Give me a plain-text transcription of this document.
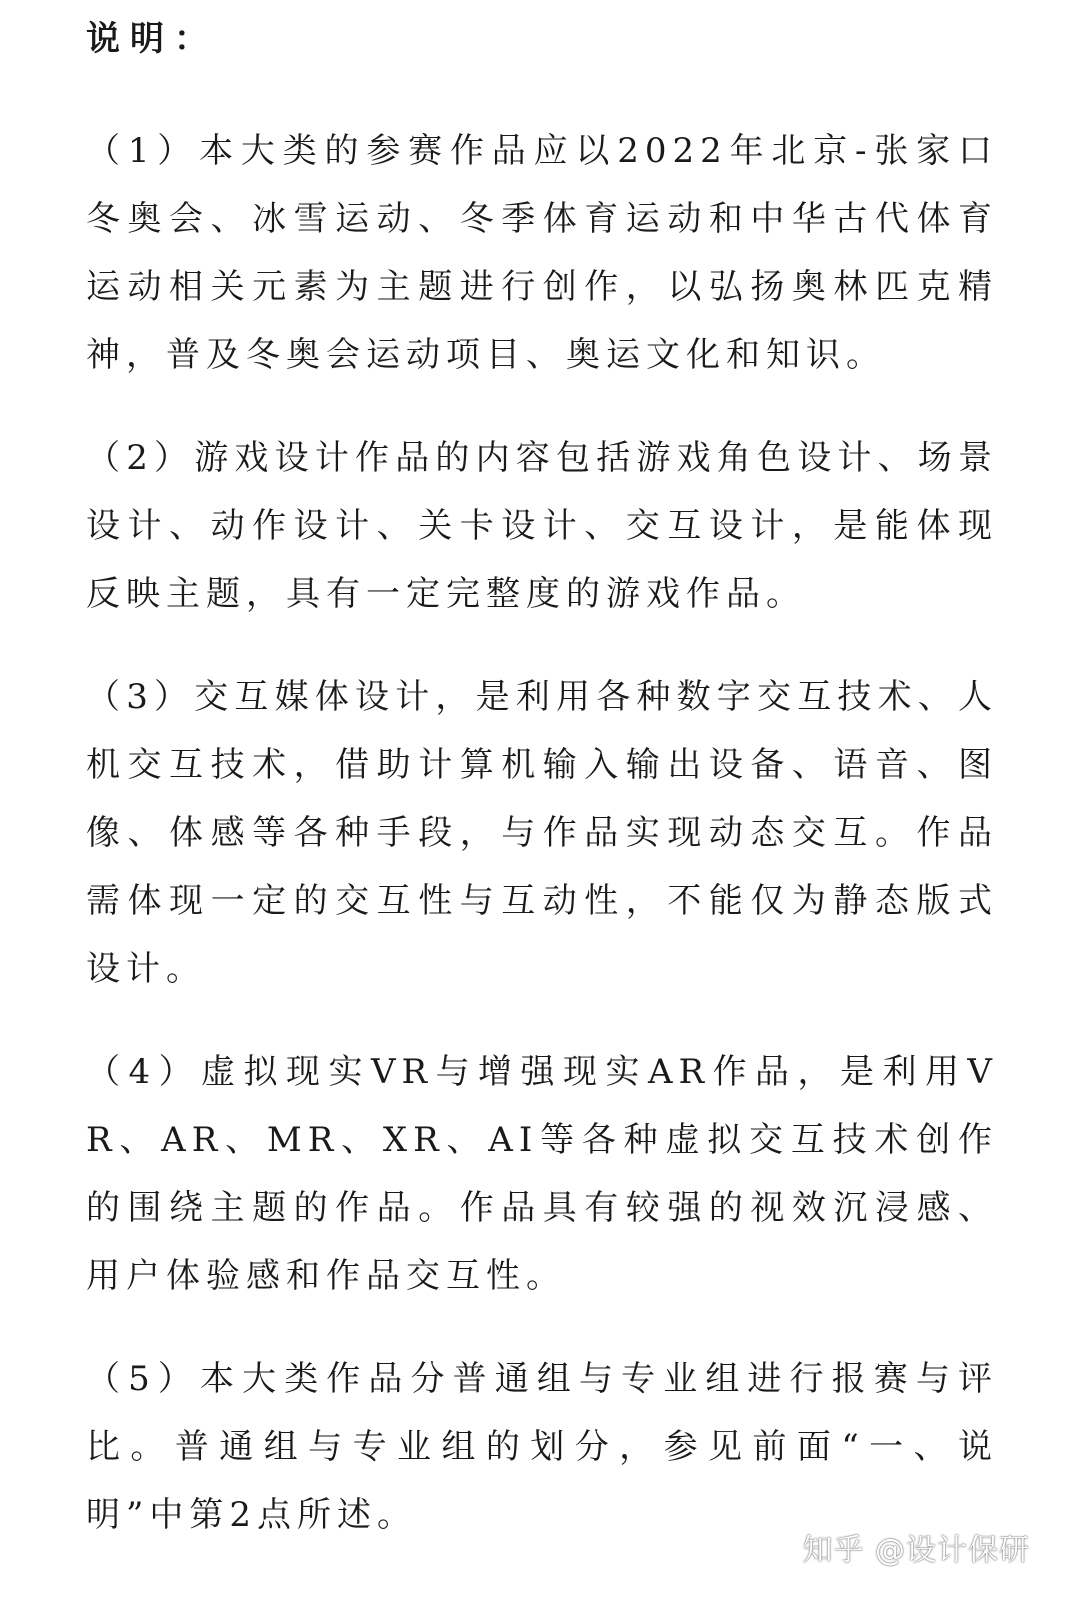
说明：

（1）本大类的参赛作品应以2022年北京-张家口冬奥会、冰雪运动、冬季体育运动和中华古代体育运动相关元素为主题进行创作，以弘扬奥林匹克精神，普及冬奥会运动项目、奥运文化和知识。

（2）游戏设计作品的内容包括游戏角色设计、场景设计、动作设计、关卡设计、交互设计，是能体现反映主题，具有一定完整度的游戏作品。

（3）交互媒体设计，是利用各种数字交互技术、人机交互技术，借助计算机输入输出设备、语音、图像、体感等各种手段，与作品实现动态交互。作品需体现一定的交互性与互动性，不能仅为静态版式设计。

（4）虚拟现实VR与增强现实AR作品，是利用VR、AR、MR、XR、AI等各种虚拟交互技术创作的围绕主题的作品。作品具有较强的视效沉浸感、用户体验感和作品交互性。

（5）本大类作品分普通组与专业组进行报赛与评比。普通组与专业组的划分，参见前面“一、说明”中第2点所述。

知乎 @设计保研
